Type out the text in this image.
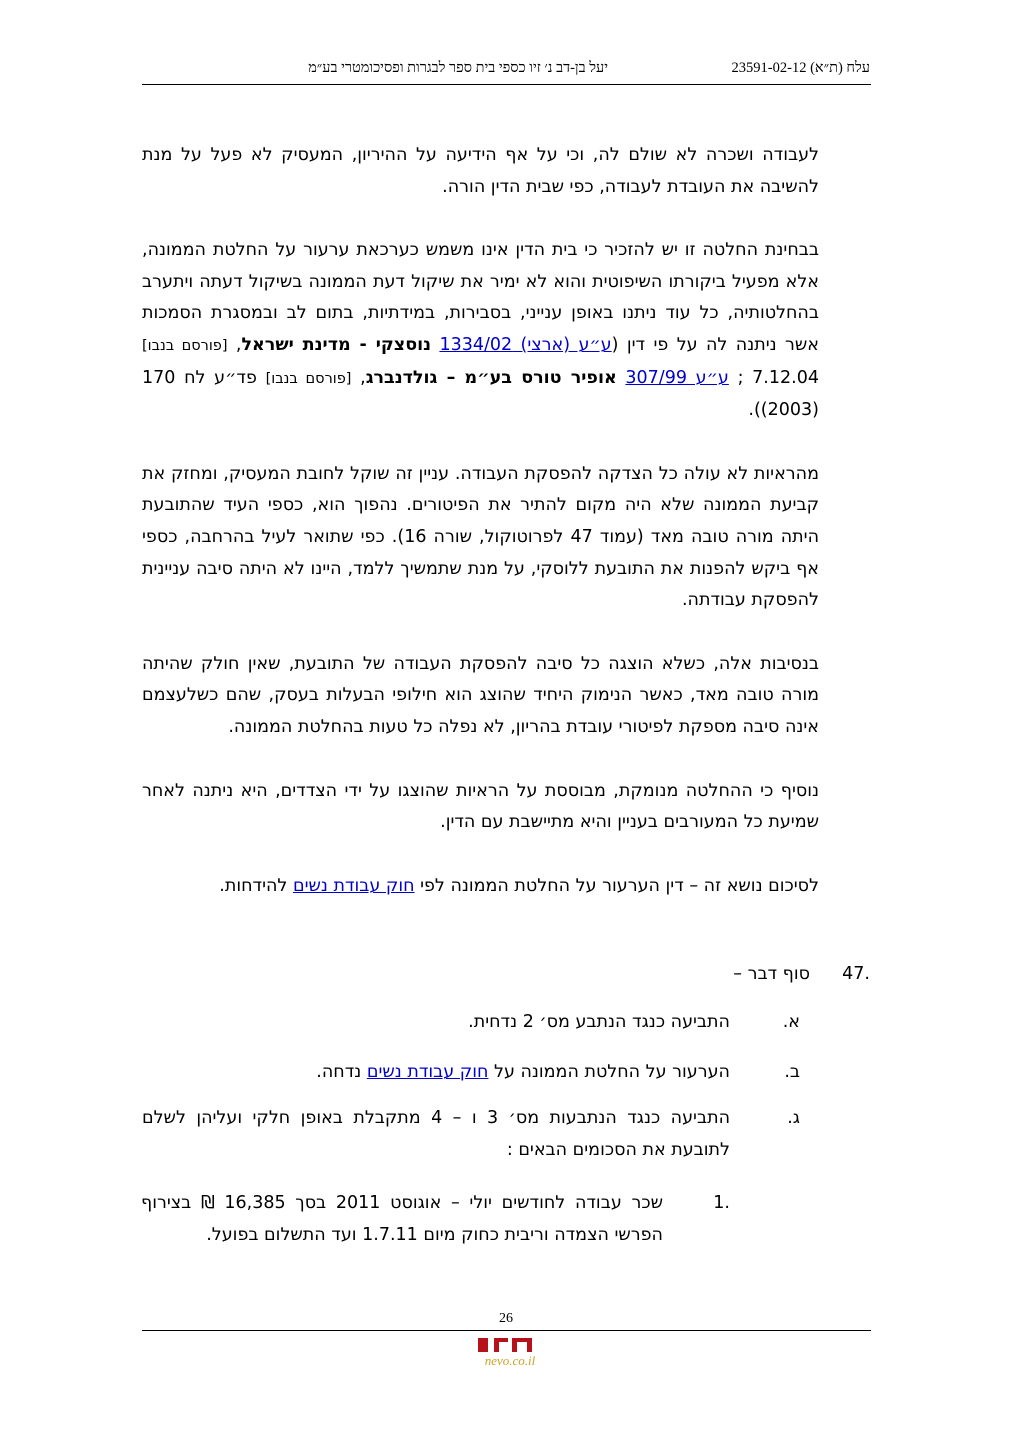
עלח (ת״א) 23591-02-12
יעל בן-דב נ׳ זיו כספי בית ספר לבגרות ופסיכומטרי בע״מ

לעבודה ושכרה לא שולם לה, וכי על אף הידיעה על ההיריון, המעסיק לא פעל על מנת להשיבה את העובדת לעבודה, כפי שבית הדין הורה.

בבחינת החלטה זו יש להזכיר כי בית הדין אינו משמש כערכאת ערעור על החלטת הממונה, אלא מפעיל ביקורתו השיפוטית והוא לא ימיר את שיקול דעת הממונה בשיקול דעתה ויתערב בהחלטותיה, כל עוד ניתנו באופן ענייני, בסבירות, במידתיות, בתום לב ובמסגרת הסמכות אשר ניתנה לה על פי דין (ע״ע (ארצי) 1334/02 נוסצקי - מדינת ישראל, [פורסם בנבו] 7.12.04 ; ע״ע 307/99 אופיר טורס בע״מ – גולדנברג, [פורסם בנבו] פד״ע לח 170 (2003)).

מהראיות לא עולה כל הצדקה להפסקת העבודה. עניין זה שוקל לחובת המעסיק, ומחזק את קביעת הממונה שלא היה מקום להתיר את הפיטורים. נהפוך הוא, כספי העיד שהתובעת היתה מורה טובה מאד (עמוד 47 לפרוטוקול, שורה 16). כפי שתואר לעיל בהרחבה, כספי אף ביקש להפנות את התובעת ללוסקי, על מנת שתמשיך ללמד, היינו לא היתה סיבה עניינית להפסקת עבודתה.

בנסיבות אלה, כשלא הוצגה כל סיבה להפסקת העבודה של התובעת, שאין חולק שהיתה מורה טובה מאד, כאשר הנימוק היחיד שהוצג הוא חילופי הבעלות בעסק, שהם כשלעצמם אינה סיבה מספקת לפיטורי עובדת בהריון, לא נפלה כל טעות בהחלטת הממונה.

נוסיף כי ההחלטה מנומקת, מבוססת על הראיות שהוצגו על ידי הצדדים, היא ניתנה לאחר שמיעת כל המעורבים בעניין והיא מתיישבת עם הדין.

לסיכום נושא זה – דין הערעור על החלטת הממונה לפי חוק עבודת נשים להידחות.

.47
סוף דבר –
א.
התביעה כנגד הנתבע מס׳ 2 נדחית.
ב.
הערעור על החלטת הממונה על חוק עבודת נשים נדחה.
ג.
התביעה כנגד הנתבעות מס׳ 3 ו – 4 מתקבלת באופן חלקי ועליהן לשלם לתובעת את הסכומים הבאים :
.1
שכר עבודה לחודשים יולי – אוגוסט 2011 בסך 16,385 ₪ בצירוף הפרשי הצמדה וריבית כחוק מיום 1.7.11 ועד התשלום בפועל.
26
nevo.co.il
